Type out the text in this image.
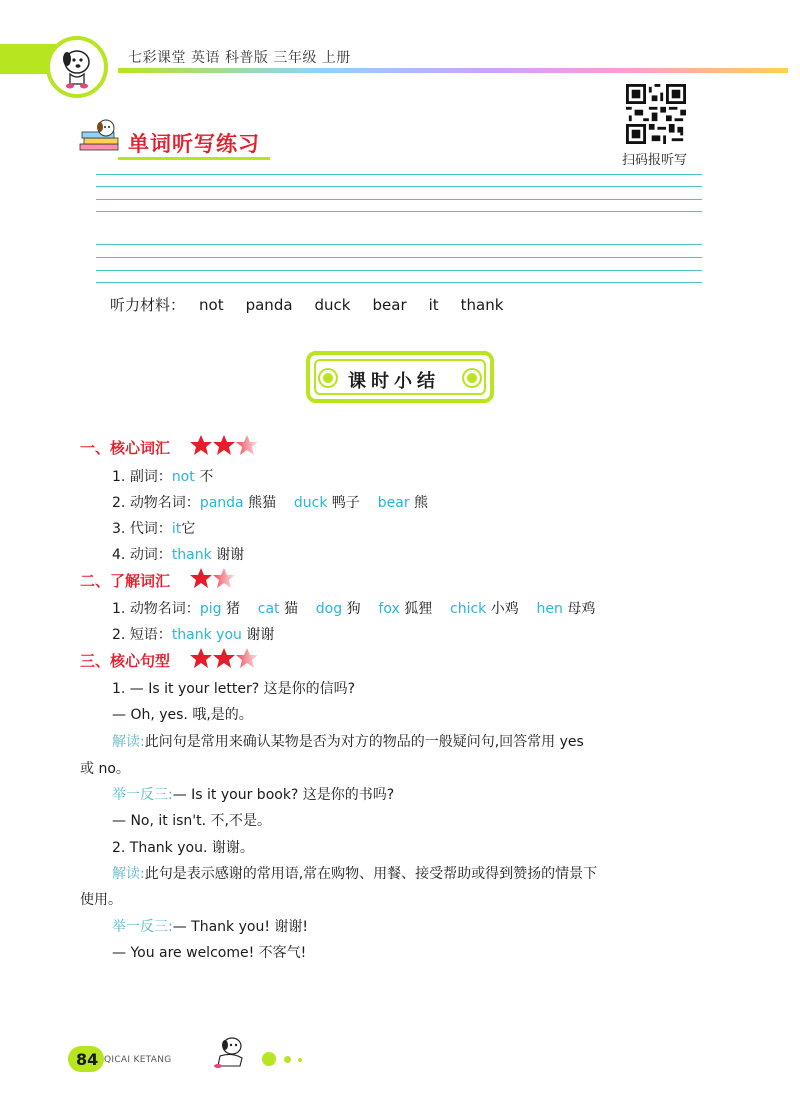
七彩课堂 英语 科普版 三年级 上册
扫码报听写
单词听写练习
听力材料： not panda duck bear it thank
课时小结
一、核心词汇
1. 副词：not 不
2. 动物名词：panda 熊猫 duck 鸭子 bear 熊
3. 代词：it它
4. 动词：thank 谢谢
二、了解词汇
1. 动物名词：pig 猪 cat 猫 dog 狗 fox 狐狸 chick 小鸡 hen 母鸡
2. 短语：thank you 谢谢
三、核心句型
1. — Is it your letter? 这是你的信吗?
— Oh, yes. 哦,是的。
解读:此问句是常用来确认某物是否为对方的物品的一般疑问句,回答常用 yes
或 no。
举一反三:— Is it your book? 这是你的书吗?
— No, it isn't. 不,不是。
2. Thank you. 谢谢。
解读:此句是表示感谢的常用语,常在购物、用餐、接受帮助或得到赞扬的情景下
使用。
举一反三:— Thank you! 谢谢!
— You are welcome! 不客气!
84 QICAI KETANG
